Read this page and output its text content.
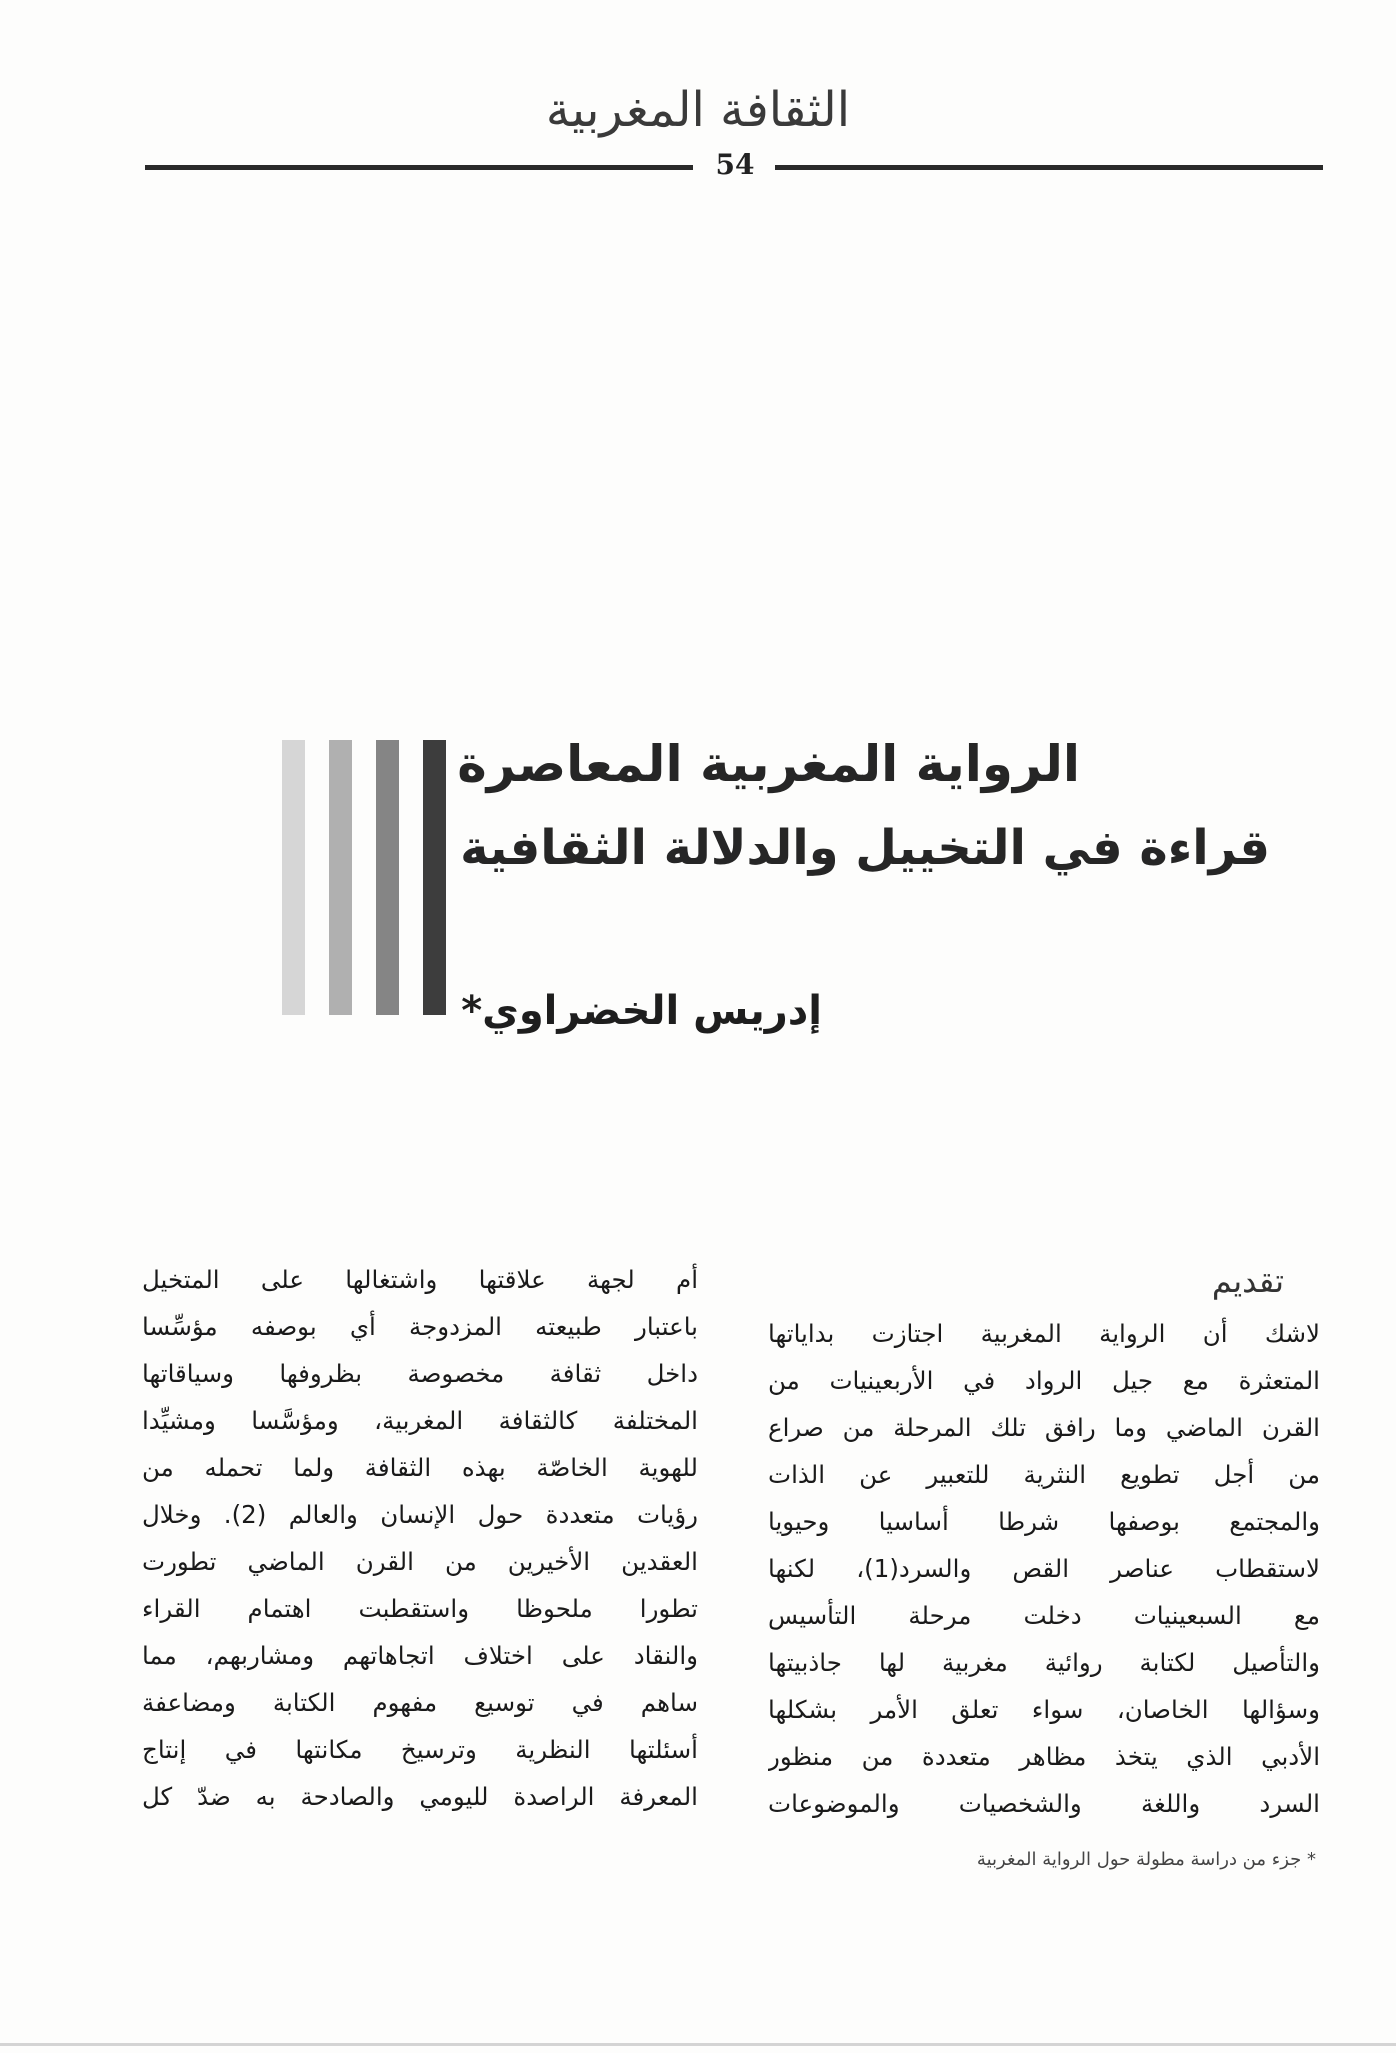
الثقافة المغربية
54
الرواية المغربية المعاصرة
قراءة في التخييل والدلالة الثقافية
إدريس الخضراوي*
تقديم
لاشك أن الرواية المغربية اجتازت بداياتها
المتعثرة مع جيل الرواد في الأربعينيات من
القرن الماضي وما رافق تلك المرحلة من صراع
من أجل تطويع النثرية للتعبير عن الذات
والمجتمع بوصفها شرطا أساسيا وحيويا
لاستقطاب عناصر القص والسرد(1)، لكنها
مع السبعينيات دخلت مرحلة التأسيس
والتأصيل لكتابة روائية مغربية لها جاذبيتها
وسؤالها الخاصان، سواء تعلق الأمر بشكلها
الأدبي الذي يتخذ مظاهر متعددة من منظور
السرد واللغة والشخصيات والموضوعات
أم لجهة علاقتها واشتغالها على المتخيل
باعتبار طبيعته المزدوجة أي بوصفه مؤسِّسا
داخل ثقافة مخصوصة بظروفها وسياقاتها
المختلفة كالثقافة المغربية، ومؤسَّسا ومشيِّدا
للهوية الخاصّة بهذه الثقافة ولما تحمله من
رؤيات متعددة حول الإنسان والعالم (2). وخلال
العقدين الأخيرين من القرن الماضي تطورت
تطورا ملحوظا واستقطبت اهتمام القراء
والنقاد على اختلاف اتجاهاتهم ومشاربهم، مما
ساهم في توسيع مفهوم الكتابة ومضاعفة
أسئلتها النظرية وترسيخ مكانتها في إنتاج
المعرفة الراصدة لليومي والصادحة به ضدّ كل
* جزء من دراسة مطولة حول الرواية المغربية
